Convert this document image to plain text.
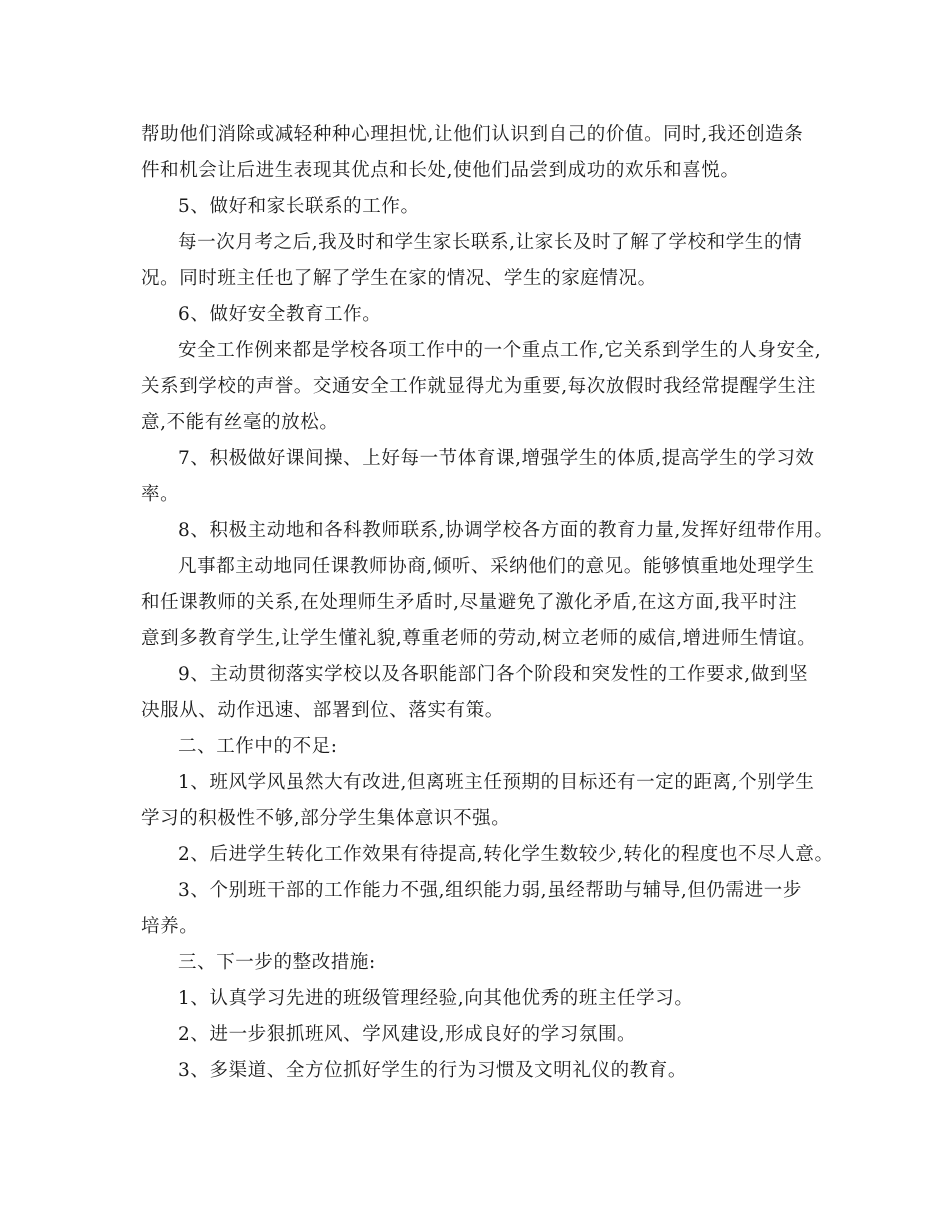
帮助他们消除或减轻种种心理担忧,让他们认识到自己的价值。同时,我还创造条
件和机会让后进生表现其优点和长处,使他们品尝到成功的欢乐和喜悦。
5、做好和家长联系的工作。
每一次月考之后,我及时和学生家长联系,让家长及时了解了学校和学生的情
况。同时班主任也了解了学生在家的情况、学生的家庭情况。
6、做好安全教育工作。
安全工作例来都是学校各项工作中的一个重点工作,它关系到学生的人身安全,
关系到学校的声誉。交通安全工作就显得尤为重要,每次放假时我经常提醒学生注
意,不能有丝毫的放松。
7、积极做好课间操、上好每一节体育课,增强学生的体质,提高学生的学习效
率。
8、积极主动地和各科教师联系,协调学校各方面的教育力量,发挥好纽带作用。
凡事都主动地同任课教师协商,倾听、采纳他们的意见。能够慎重地处理学生
和任课教师的关系,在处理师生矛盾时,尽量避免了激化矛盾,在这方面,我平时注
意到多教育学生,让学生懂礼貌,尊重老师的劳动,树立老师的威信,增进师生情谊。
9、主动贯彻落实学校以及各职能部门各个阶段和突发性的工作要求,做到坚
决服从、动作迅速、部署到位、落实有策。
二、工作中的不足:
1、班风学风虽然大有改进,但离班主任预期的目标还有一定的距离,个别学生
学习的积极性不够,部分学生集体意识不强。
2、后进学生转化工作效果有待提高,转化学生数较少,转化的程度也不尽人意。
3、个别班干部的工作能力不强,组织能力弱,虽经帮助与辅导,但仍需进一步
培养。
三、下一步的整改措施:
1、认真学习先进的班级管理经验,向其他优秀的班主任学习。
2、进一步狠抓班风、学风建设,形成良好的学习氛围。
3、多渠道、全方位抓好学生的行为习惯及文明礼仪的教育。
